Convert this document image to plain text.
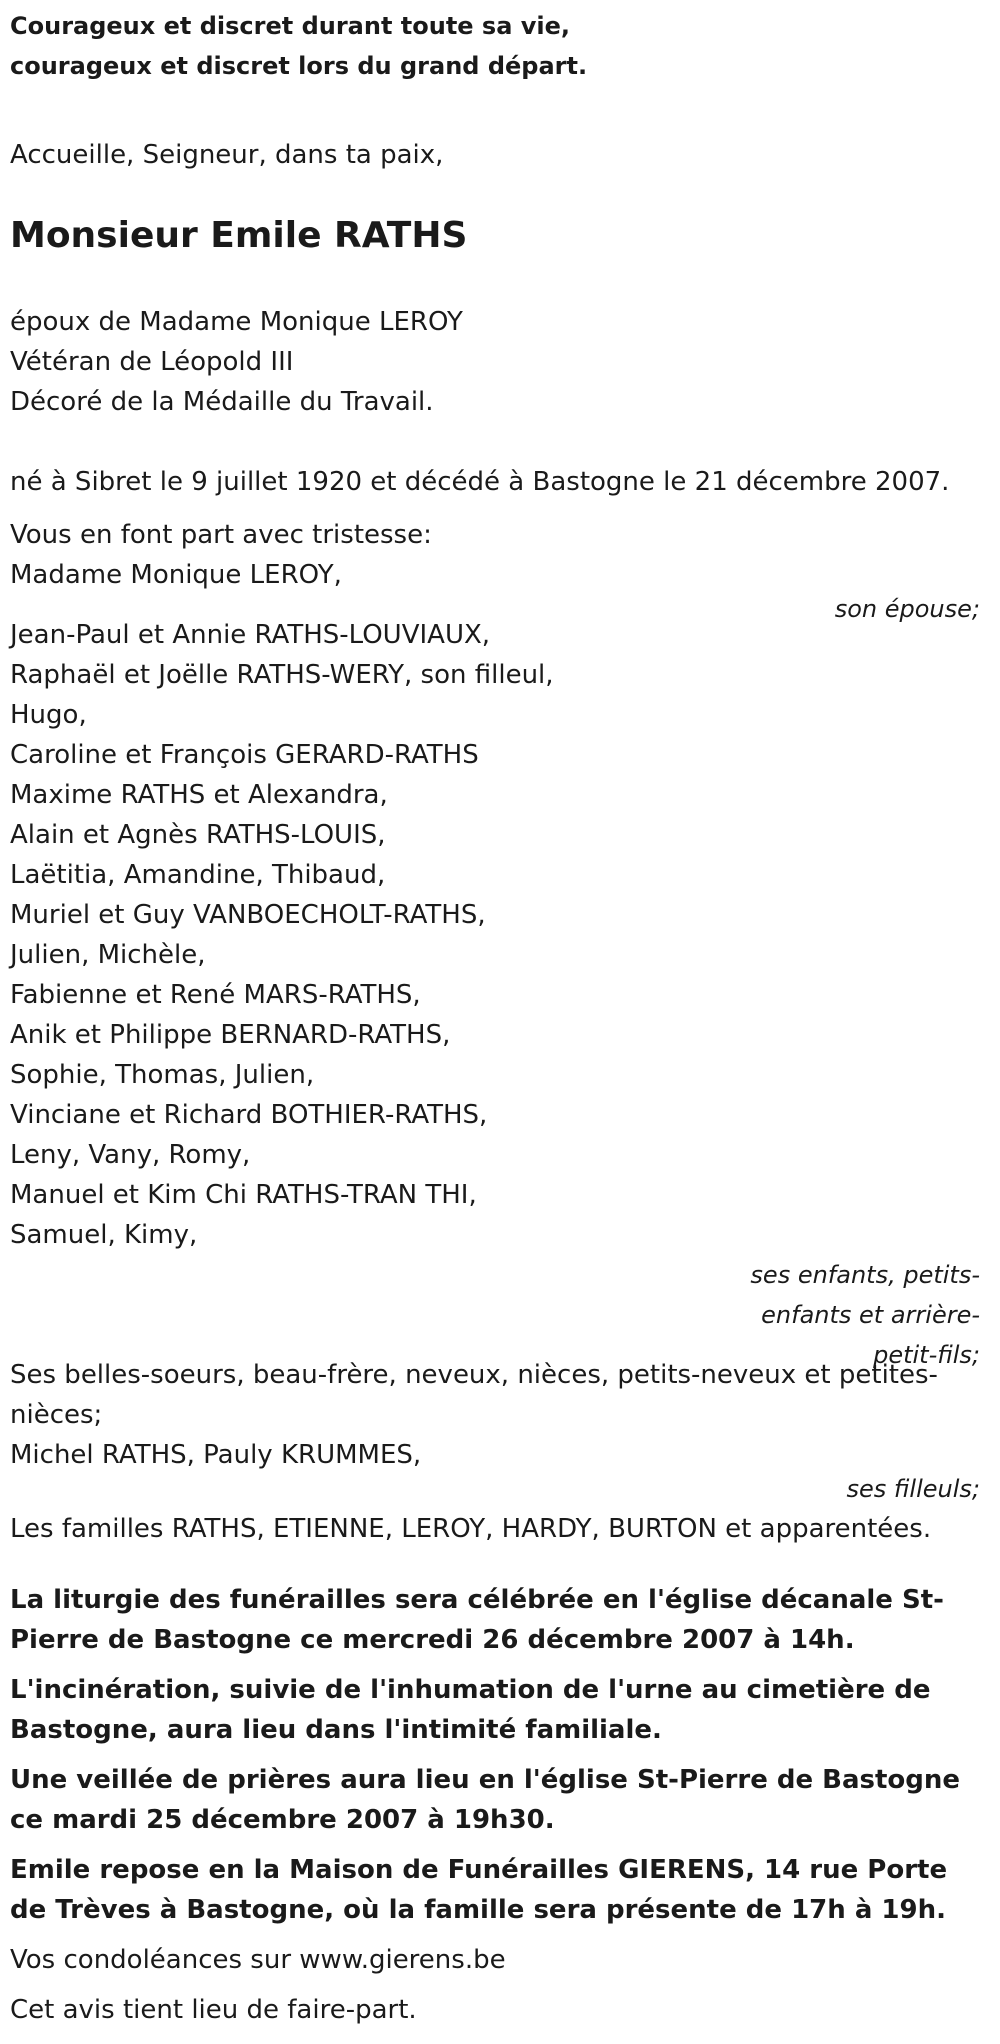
Courageux et discret durant toute sa vie,
courageux et discret lors du grand départ.
Accueille, Seigneur, dans ta paix,
Monsieur Emile RATHS
époux de Madame Monique LEROY
Vétéran de Léopold III
Décoré de la Médaille du Travail.
né à Sibret le 9 juillet 1920 et décédé à Bastogne le 21 décembre 2007.
Vous en font part avec tristesse:
Madame Monique LEROY,
son épouse;
Jean-Paul et Annie RATHS-LOUVIAUX,
Raphaël et Joëlle RATHS-WERY, son filleul,
Hugo,
Caroline et François GERARD-RATHS
Maxime RATHS et Alexandra,
Alain et Agnès RATHS-LOUIS,
Laëtitia, Amandine, Thibaud,
Muriel et Guy VANBOECHOLT-RATHS,
Julien, Michèle,
Fabienne et René MARS-RATHS,
Anik et Philippe BERNARD-RATHS,
Sophie, Thomas, Julien,
Vinciane et Richard BOTHIER-RATHS,
Leny, Vany, Romy,
Manuel et Kim Chi RATHS-TRAN THI,
Samuel, Kimy,
ses enfants, petits-
enfants et arrière-
petit-fils;
Ses belles-soeurs, beau-frère, neveux, nièces, petits-neveux et petites-nièces;
Michel RATHS, Pauly KRUMMES,
ses filleuls;
Les familles RATHS, ETIENNE, LEROY, HARDY, BURTON et apparentées.
La liturgie des funérailles sera célébrée en l'église décanale St-Pierre de Bastogne ce mercredi 26 décembre 2007 à 14h.
L'incinération, suivie de l'inhumation de l'urne au cimetière de Bastogne, aura lieu dans l'intimité familiale.
Une veillée de prières aura lieu en l'église St-Pierre de Bastogne ce mardi 25 décembre 2007 à 19h30.
Emile repose en la Maison de Funérailles GIERENS, 14 rue Porte de Trèves à Bastogne, où la famille sera présente de 17h à 19h.
Vos condoléances sur www.gierens.be
Cet avis tient lieu de faire-part.
